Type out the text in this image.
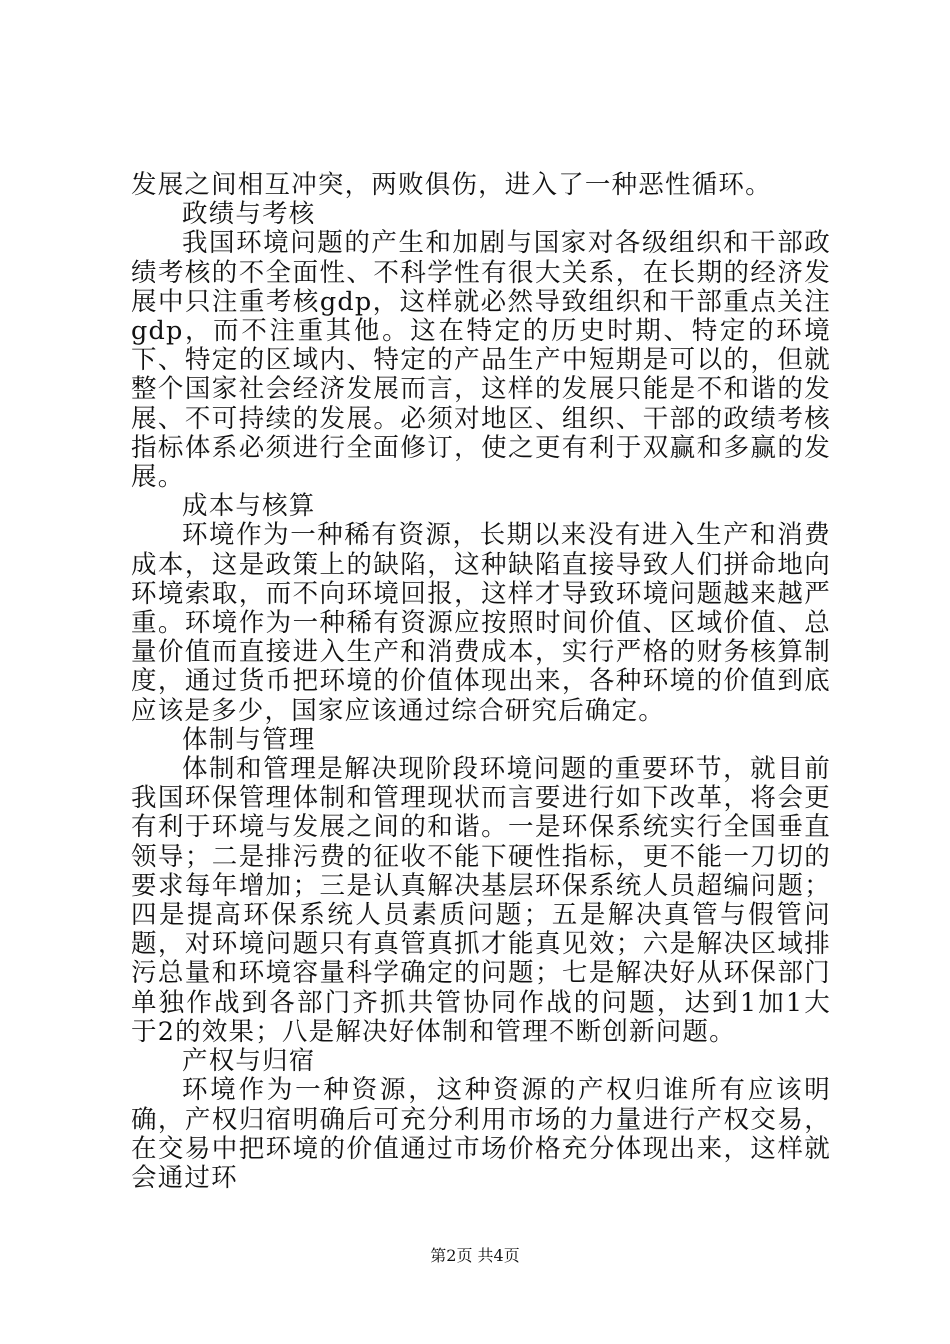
发展之间相互冲突，两败俱伤，进入了一种恶性循环。

政绩与考核

我国环境问题的产生和加剧与国家对各级组织和干部政绩考核的不全面性、不科学性有很大关系，在长期的经济发展中只注重考核gdp，这样就必然导致组织和干部重点关注gdp，而不注重其他。这在特定的历史时期、特定的环境下、特定的区域内、特定的产品生产中短期是可以的，但就整个国家社会经济发展而言，这样的发展只能是不和谐的发展、不可持续的发展。必须对地区、组织、干部的政绩考核指标体系必须进行全面修订，使之更有利于双赢和多赢的发展。

成本与核算

环境作为一种稀有资源，长期以来没有进入生产和消费成本，这是政策上的缺陷，这种缺陷直接导致人们拼命地向环境索取，而不向环境回报，这样才导致环境问题越来越严重。环境作为一种稀有资源应按照时间价值、区域价值、总量价值而直接进入生产和消费成本，实行严格的财务核算制度，通过货币把环境的价值体现出来，各种环境的价值到底应该是多少，国家应该通过综合研究后确定。

体制与管理

体制和管理是解决现阶段环境问题的重要环节，就目前我国环保管理体制和管理现状而言要进行如下改革，将会更有利于环境与发展之间的和谐。一是环保系统实行全国垂直领导；二是排污费的征收不能下硬性指标，更不能一刀切的要求每年增加；三是认真解决基层环保系统人员超编问题；四是提高环保系统人员素质问题；五是解决真管与假管问题，对环境问题只有真管真抓才能真见效；六是解决区域排污总量和环境容量科学确定的问题；七是解决好从环保部门单独作战到各部门齐抓共管协同作战的问题，达到1加1大于2的效果；八是解决好体制和管理不断创新问题。

产权与归宿

环境作为一种资源，这种资源的产权归谁所有应该明确，产权归宿明确后可充分利用市场的力量进行产权交易，在交易中把环境的价值通过市场价格充分体现出来，这样就会通过环

第2页 共4页
